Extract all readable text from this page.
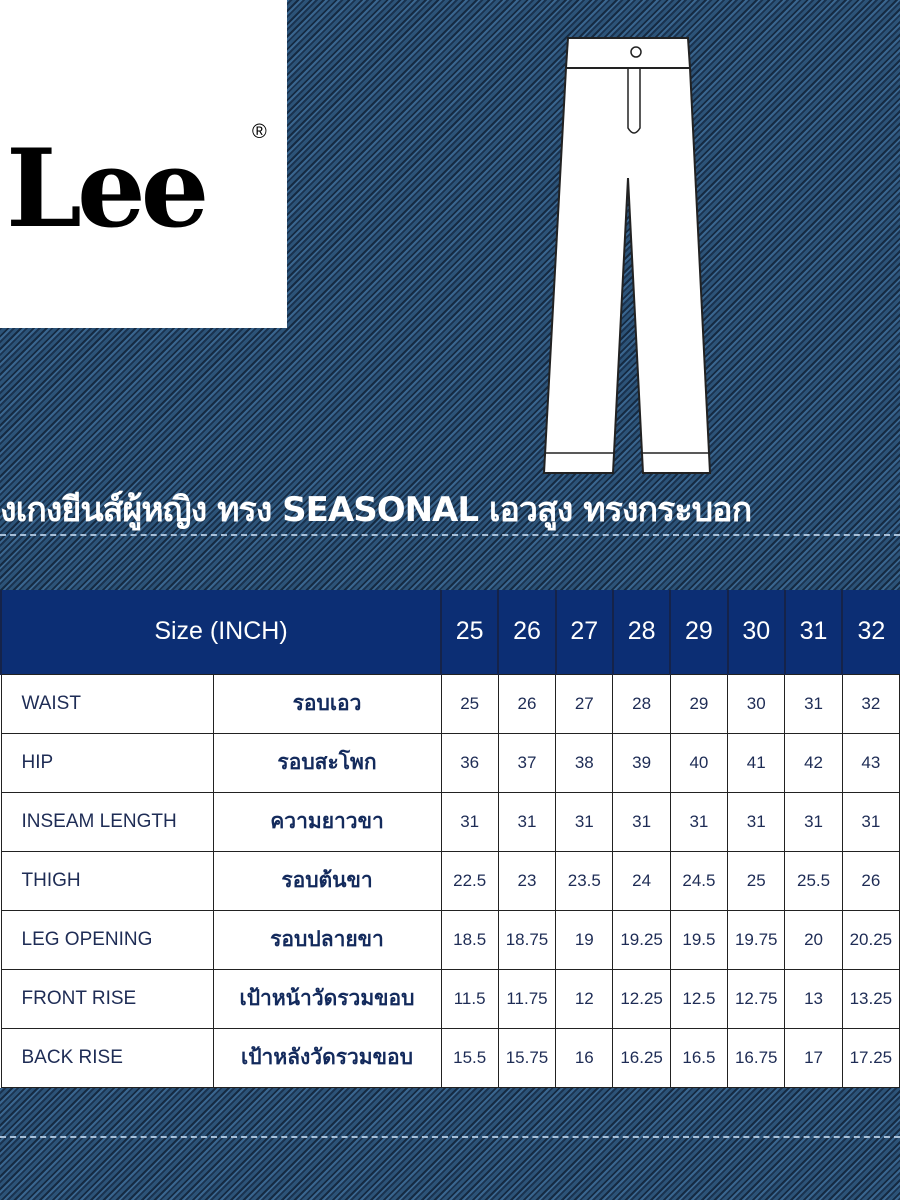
Lee ®
งเกงยีนส์ผู้หญิง ทรง SEASONAL เอวสูง ทรงกระบอก
Size (INCH)		25	26	27	28	29	30	31	32
WAIST	รอบเอว	25	26	27	28	29	30	31	32
HIP	รอบสะโพก	36	37	38	39	40	41	42	43
INSEAM LENGTH	ความยาวขา	31	31	31	31	31	31	31	31
THIGH	รอบต้นขา	22.5	23	23.5	24	24.5	25	25.5	26
LEG OPENING	รอบปลายขา	18.5	18.75	19	19.25	19.5	19.75	20	20.25
FRONT RISE	เป้าหน้าวัดรวมขอบ	11.5	11.75	12	12.25	12.5	12.75	13	13.25
BACK RISE	เป้าหลังวัดรวมขอบ	15.5	15.75	16	16.25	16.5	16.75	17	17.25
